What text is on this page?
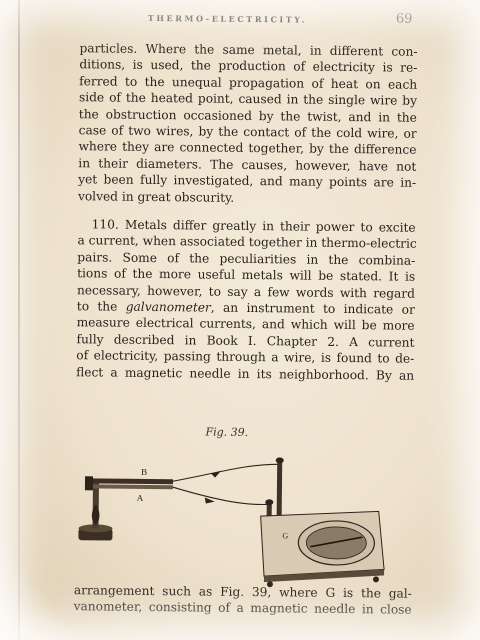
THERMO-ELECTRICITY.	69
particles. Where the same metal, in different con-
ditions, is used, the production of electricity is re-
ferred to the unequal propagation of heat on each
side of the heated point, caused in the single wire by
the obstruction occasioned by the twist, and in the
case of two wires, by the contact of the cold wire, or
where they are connected together, by the difference
in their diameters. The causes, however, have not
yet been fully investigated, and many points are in-
volved in great obscurity.
110. Metals differ greatly in their power to excite
a current, when associated together in thermo-electric
pairs. Some of the peculiarities in the combina-
tions of the more useful metals will be stated. It is
necessary, however, to say a few words with regard
to the galvanometer, an instrument to indicate or
measure electrical currents, and which will be more
fully described in Book I. Chapter 2. A current
of electricity, passing through a wire, is found to de-
flect a magnetic needle in its neighborhood. By an
Fig. 39.
B
A
G
arrangement such as Fig. 39, where G is the gal-
vanometer, consisting of a magnetic needle in close
